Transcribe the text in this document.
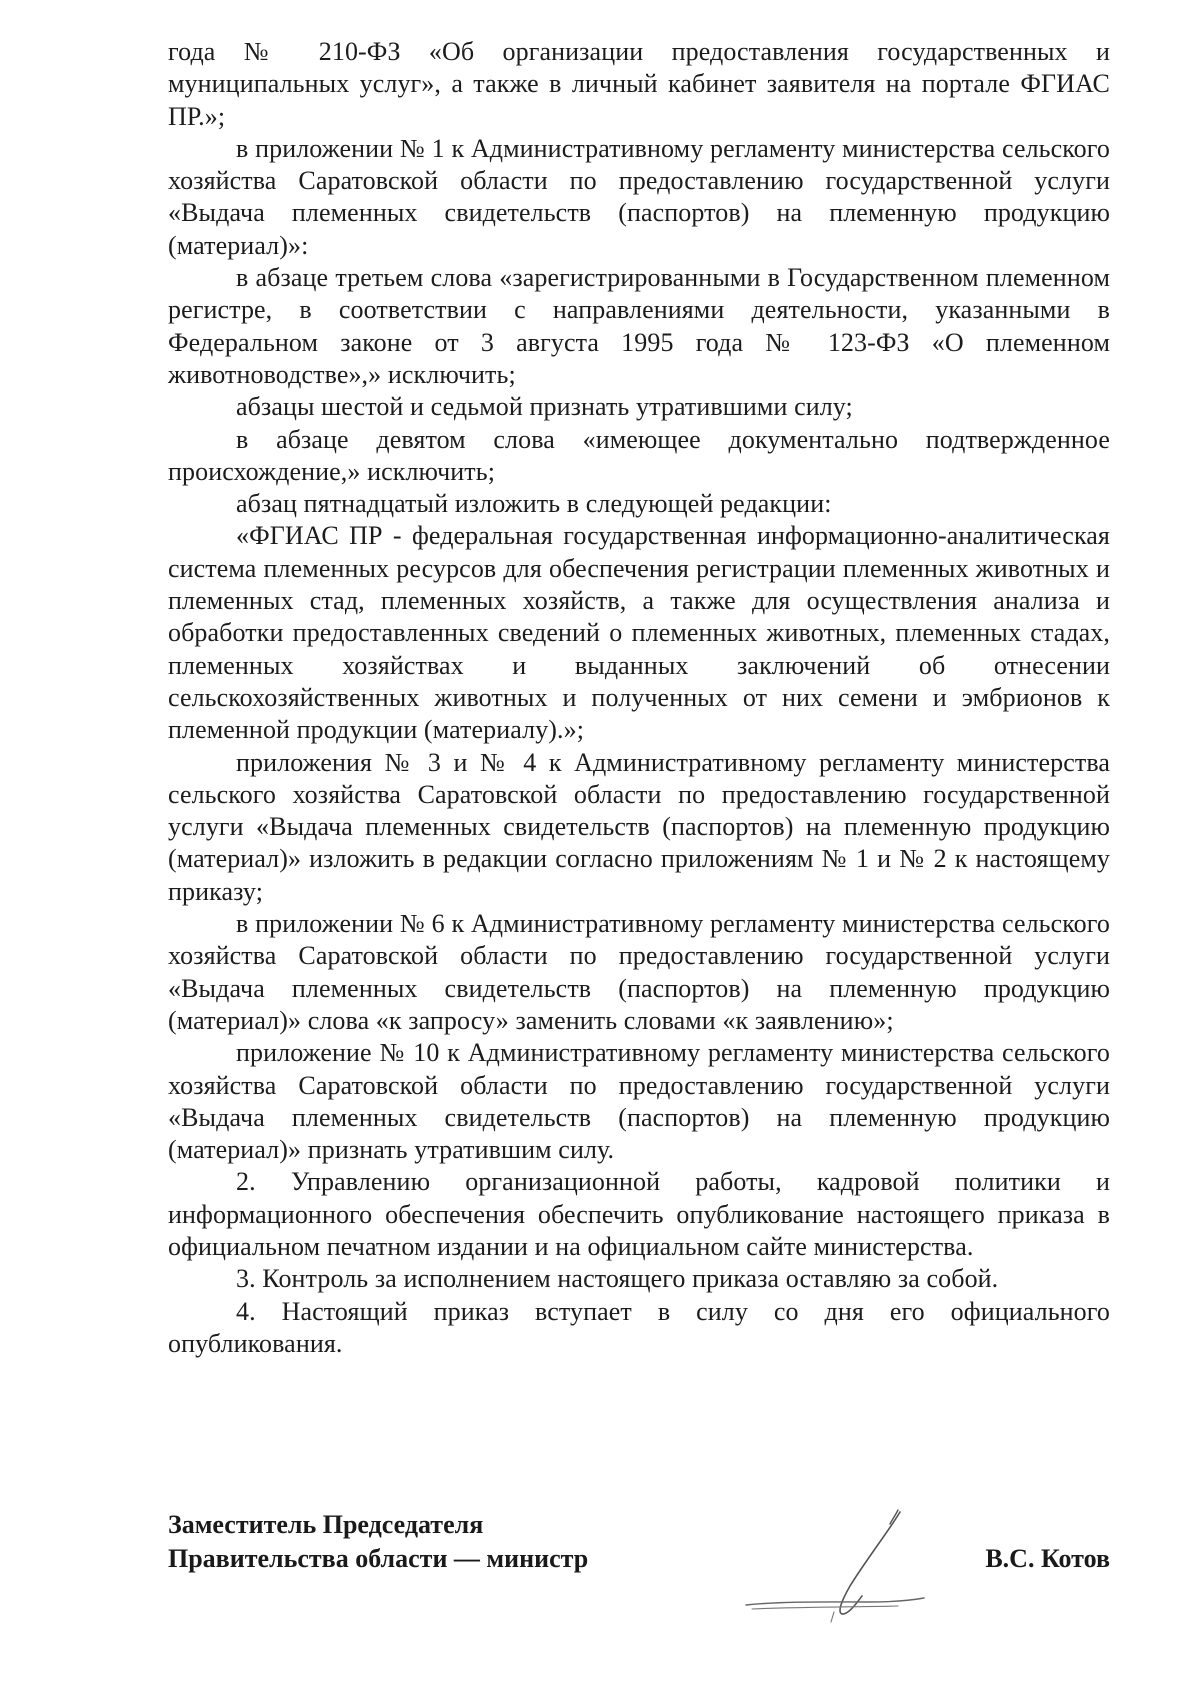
года № 210-ФЗ «Об организации предоставления государственных и муниципальных услуг», а также в личный кабинет заявителя на портале ФГИАС ПР.»;

в приложении № 1 к Административному регламенту министерства сельского хозяйства Саратовской области по предоставлению государственной услуги «Выдача племенных свидетельств (паспортов) на племенную продукцию (материал)»:

в абзаце третьем слова «зарегистрированными в Государственном племенном регистре, в соответствии с направлениями деятельности, указанными в Федеральном законе от 3 августа 1995 года № 123-ФЗ «О племенном животноводстве»,» исключить;

абзацы шестой и седьмой признать утратившими силу;

в абзаце девятом слова «имеющее документально подтвержденное происхождение,» исключить;

абзац пятнадцатый изложить в следующей редакции:

«ФГИАС ПР - федеральная государственная информационно-аналитическая система племенных ресурсов для обеспечения регистрации племенных животных и племенных стад, племенных хозяйств, а также для осуществления анализа и обработки предоставленных сведений о племенных животных, племенных стадах, племенных хозяйствах и выданных заключений об отнесении сельскохозяйственных животных и полученных от них семени и эмбрионов к племенной продукции (материалу).»;

приложения № 3 и № 4 к Административному регламенту министерства сельского хозяйства Саратовской области по предоставлению государственной услуги «Выдача племенных свидетельств (паспортов) на племенную продукцию (материал)» изложить в редакции согласно приложениям № 1 и № 2 к настоящему приказу;

в приложении № 6 к Административному регламенту министерства сельского хозяйства Саратовской области по предоставлению государственной услуги «Выдача племенных свидетельств (паспортов) на племенную продукцию (материал)» слова «к запросу» заменить словами «к заявлению»;

приложение № 10 к Административному регламенту министерства сельского хозяйства Саратовской области по предоставлению государственной услуги «Выдача племенных свидетельств (паспортов) на племенную продукцию (материал)» признать утратившим силу.

2. Управлению организационной работы, кадровой политики и информационного обеспечения обеспечить опубликование настоящего приказа в официальном печатном издании и на официальном сайте министерства.

3. Контроль за исполнением настоящего приказа оставляю за собой.

4. Настоящий приказ вступает в силу со дня его официального опубликования.

Заместитель Председателя
Правительства области — министр	В.С. Котов
